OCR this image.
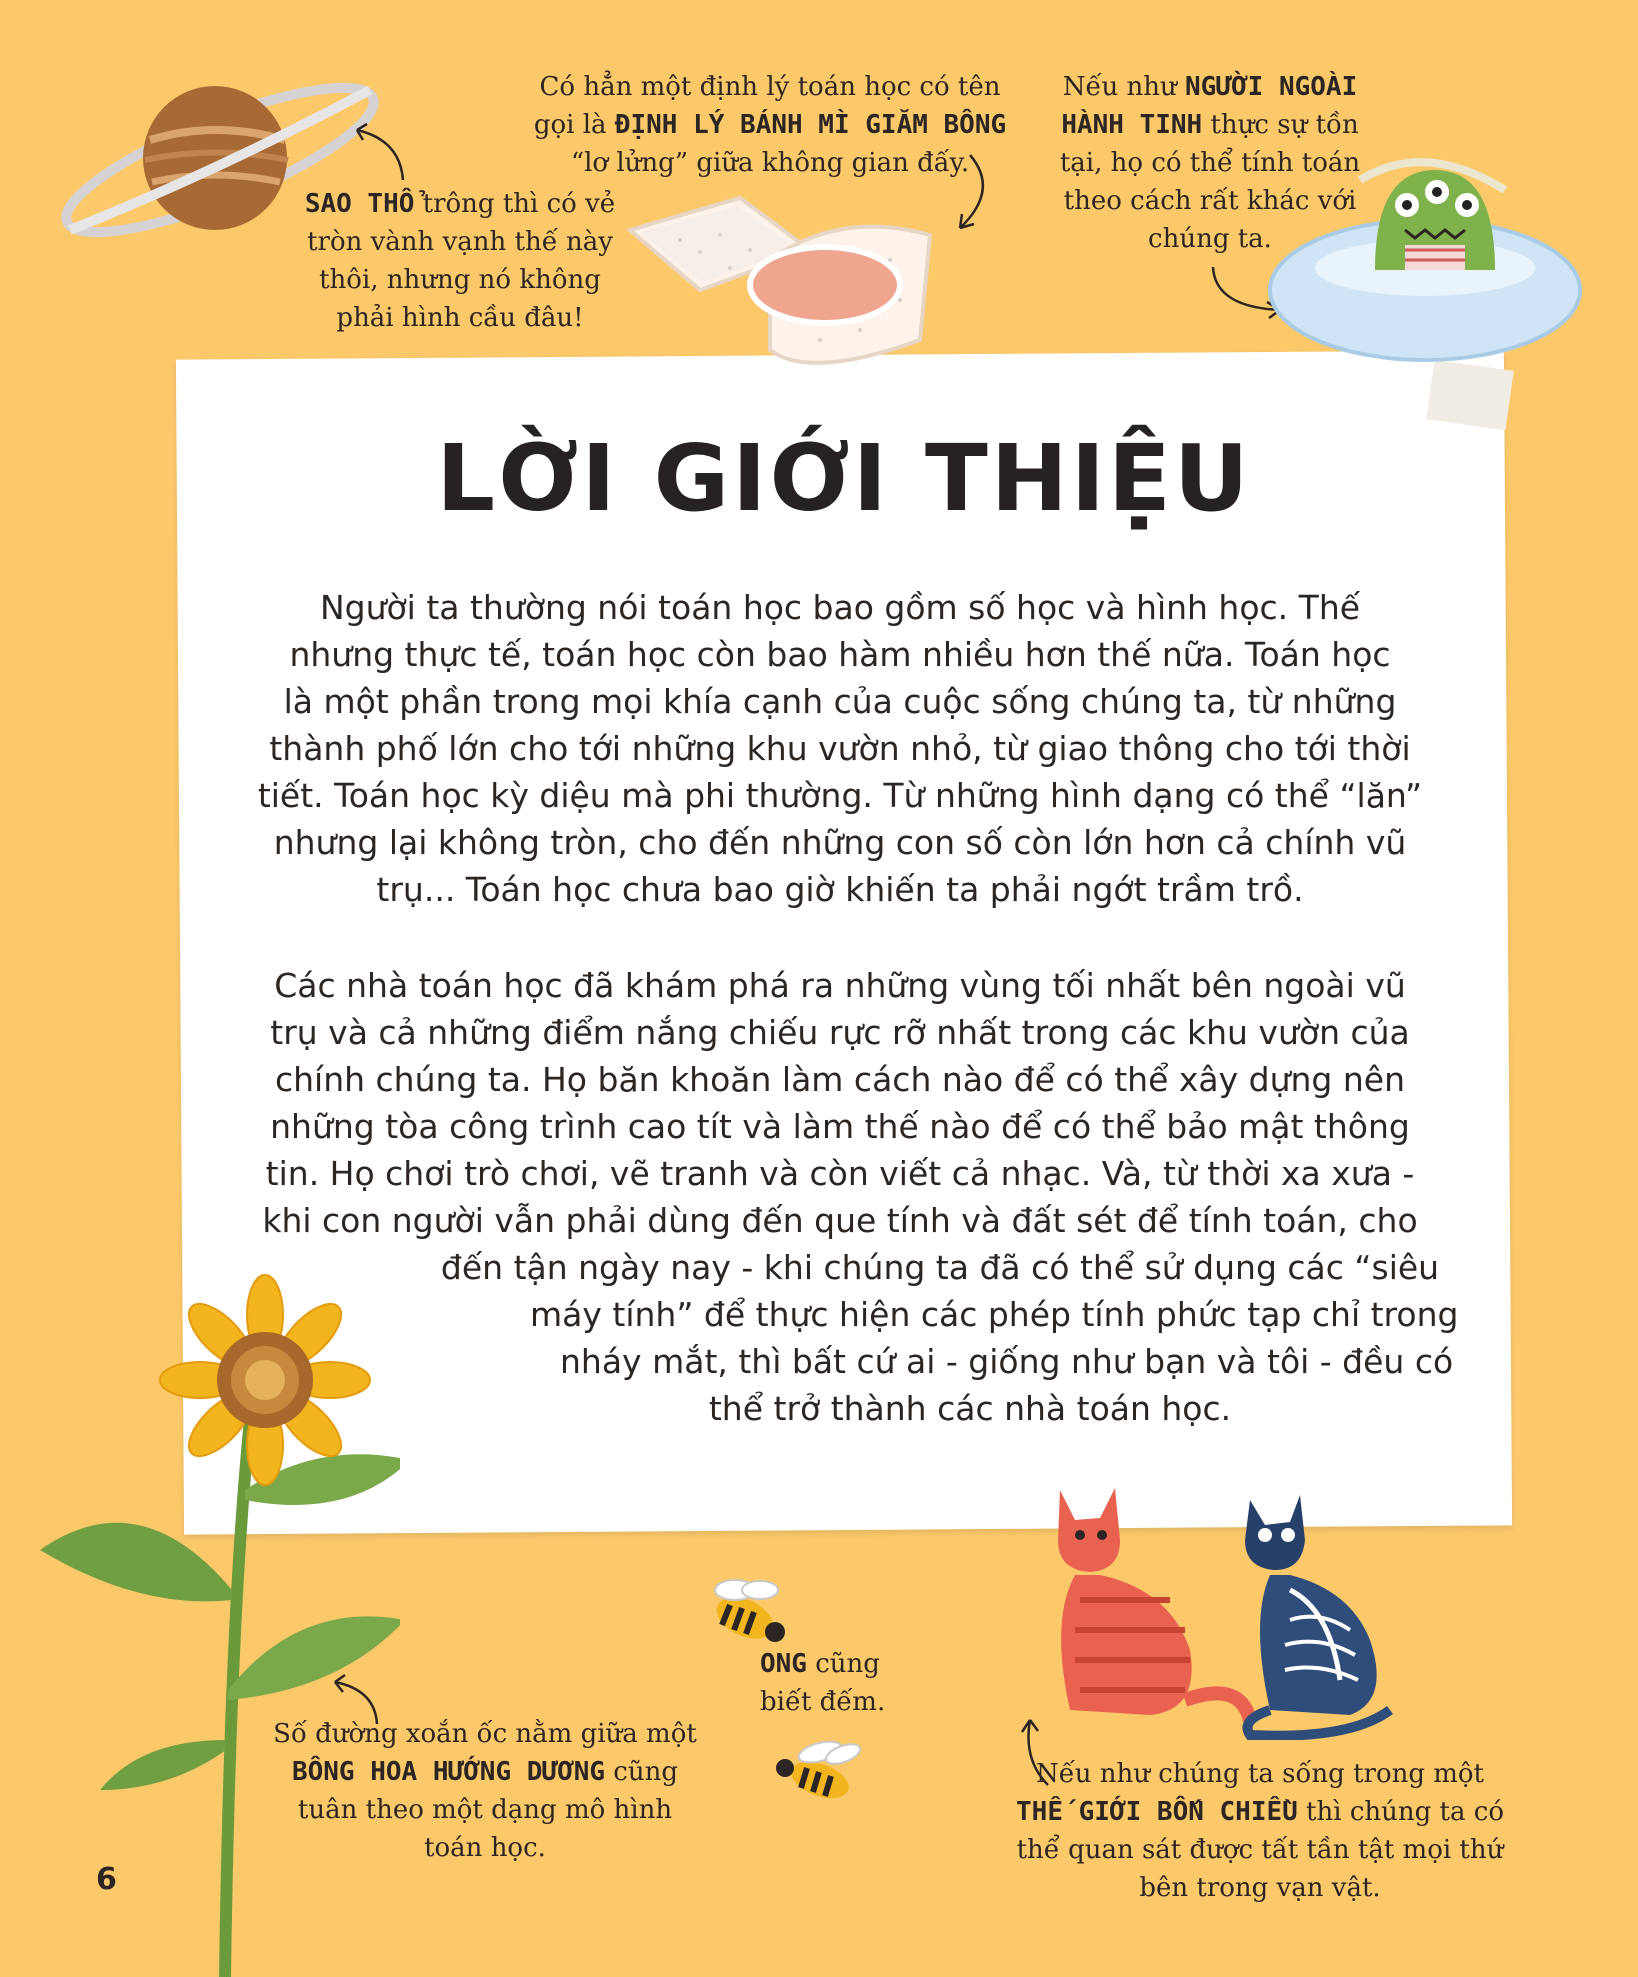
LỜI GIỚI THIỆU

Người ta thường nói toán học bao gồm số học và hình học. Thế
nhưng thực tế, toán học còn bao hàm nhiều hơn thế nữa. Toán học
là một phần trong mọi khía cạnh của cuộc sống chúng ta, từ những
thành phố lớn cho tới những khu vườn nhỏ, từ giao thông cho tới thời
tiết. Toán học kỳ diệu mà phi thường. Từ những hình dạng có thể “lăn”
nhưng lại không tròn, cho đến những con số còn lớn hơn cả chính vũ
trụ... Toán học chưa bao giờ khiến ta phải ngớt trầm trồ.

Các nhà toán học đã khám phá ra những vùng tối nhất bên ngoài vũ
trụ và cả những điểm nắng chiếu rực rỡ nhất trong các khu vườn của
chính chúng ta. Họ băn khoăn làm cách nào để có thể xây dựng nên
những tòa công trình cao tít và làm thế nào để có thể bảo mật thông
tin. Họ chơi trò chơi, vẽ tranh và còn viết cả nhạc. Và, từ thời xa xưa -
khi con người vẫn phải dùng đến que tính và đất sét để tính toán, cho
đến tận ngày nay - khi chúng ta đã có thể sử dụng các “siêu
máy tính” để thực hiện các phép tính phức tạp chỉ trong
nháy mắt, thì bất cứ ai - giống như bạn và tôi - đều có
thể trở thành các nhà toán học.

SAO THỔ trông thì có vẻ
tròn vành vạnh thế này
thôi, nhưng nó không
phải hình cầu đâu!

Có hẳn một định lý toán học có tên
gọi là ĐỊNH LÝ BÁNH MÌ GIĂM BÔNG
“lơ lửng” giữa không gian đấy.

Nếu như NGƯỜI NGOÀI
HÀNH TINH thực sự tồn
tại, họ có thể tính toán
theo cách rất khác với
chúng ta.

Số đường xoắn ốc nằm giữa một
BÔNG HOA HƯỚNG DƯƠNG cũng
tuân theo một dạng mô hình
toán học.

ONG cũng
biết đếm.

Nếu như chúng ta sống trong một
THẾ GIỚI BỐN CHIỀU thì chúng ta có
thể quan sát được tất tần tật mọi thứ
bên trong vạn vật.

6
